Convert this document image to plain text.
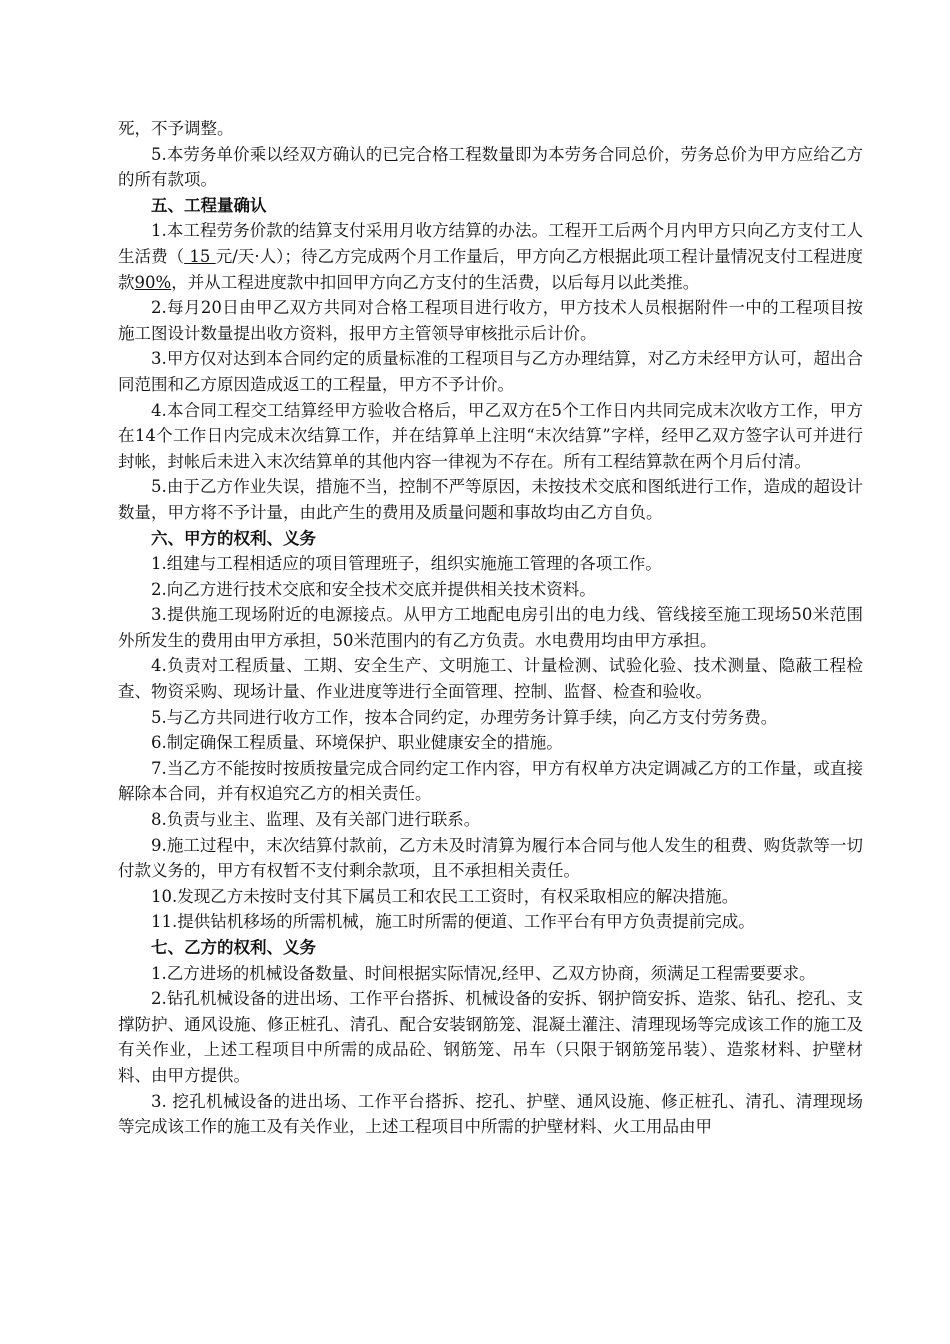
死，不予调整。

5.本劳务单价乘以经双方确认的已完合格工程数量即为本劳务合同总价，劳务总价为甲方应给乙方的所有款项。

五、工程量确认

1.本工程劳务价款的结算支付采用月收方结算的办法。工程开工后两个月内甲方只向乙方支付工人生活费（ 15 元/天·人）；待乙方完成两个月工作量后，甲方向乙方根据此项工程计量情况支付工程进度款90%，并从工程进度款中扣回甲方向乙方支付的生活费，以后每月以此类推。

2.每月20日由甲乙双方共同对合格工程项目进行收方，甲方技术人员根据附件一中的工程项目按施工图设计数量提出收方资料，报甲方主管领导审核批示后计价。

3.甲方仅对达到本合同约定的质量标准的工程项目与乙方办理结算，对乙方未经甲方认可，超出合同范围和乙方原因造成返工的工程量，甲方不予计价。

4.本合同工程交工结算经甲方验收合格后，甲乙双方在5个工作日内共同完成末次收方工作，甲方在14个工作日内完成末次结算工作，并在结算单上注明“末次结算”字样，经甲乙双方签字认可并进行封帐，封帐后未进入末次结算单的其他内容一律视为不存在。所有工程结算款在两个月后付清。

5.由于乙方作业失误，措施不当，控制不严等原因，未按技术交底和图纸进行工作，造成的超设计数量，甲方将不予计量，由此产生的费用及质量问题和事故均由乙方自负。

六、甲方的权利、义务

1.组建与工程相适应的项目管理班子，组织实施施工管理的各项工作。

2.向乙方进行技术交底和安全技术交底并提供相关技术资料。

3.提供施工现场附近的电源接点。从甲方工地配电房引出的电力线、管线接至施工现场50米范围外所发生的费用由甲方承担，50米范围内的有乙方负责。水电费用均由甲方承担。

4.负责对工程质量、工期、安全生产、文明施工、计量检测、试验化验、技术测量、隐蔽工程检查、物资采购、现场计量、作业进度等进行全面管理、控制、监督、检查和验收。

5.与乙方共同进行收方工作，按本合同约定，办理劳务计算手续，向乙方支付劳务费。

6.制定确保工程质量、环境保护、职业健康安全的措施。

7.当乙方不能按时按质按量完成合同约定工作内容，甲方有权单方决定调减乙方的工作量，或直接解除本合同，并有权追究乙方的相关责任。

8.负责与业主、监理、及有关部门进行联系。

9.施工过程中，末次结算付款前，乙方未及时清算为履行本合同与他人发生的租费、购货款等一切付款义务的，甲方有权暂不支付剩余款项，且不承担相关责任。

10.发现乙方未按时支付其下属员工和农民工工资时，有权采取相应的解决措施。

11.提供钻机移场的所需机械，施工时所需的便道、工作平台有甲方负责提前完成。

七、乙方的权利、义务

1.乙方进场的机械设备数量、时间根据实际情况,经甲、乙双方协商，须满足工程需要要求。

2.钻孔机械设备的进出场、工作平台搭拆、机械设备的安拆、钢护筒安拆、造浆、钻孔、挖孔、支撑防护、通风设施、修正桩孔、清孔、配合安装钢筋笼、混凝土灌注、清理现场等完成该工作的施工及有关作业，上述工程项目中所需的成品砼、钢筋笼、吊车（只限于钢筋笼吊装）、造浆材料、护壁材料、由甲方提供。

3. 挖孔机械设备的进出场、工作平台搭拆、挖孔、护壁、通风设施、修正桩孔、清孔、清理现场等完成该工作的施工及有关作业，上述工程项目中所需的护壁材料、火工用品由甲
